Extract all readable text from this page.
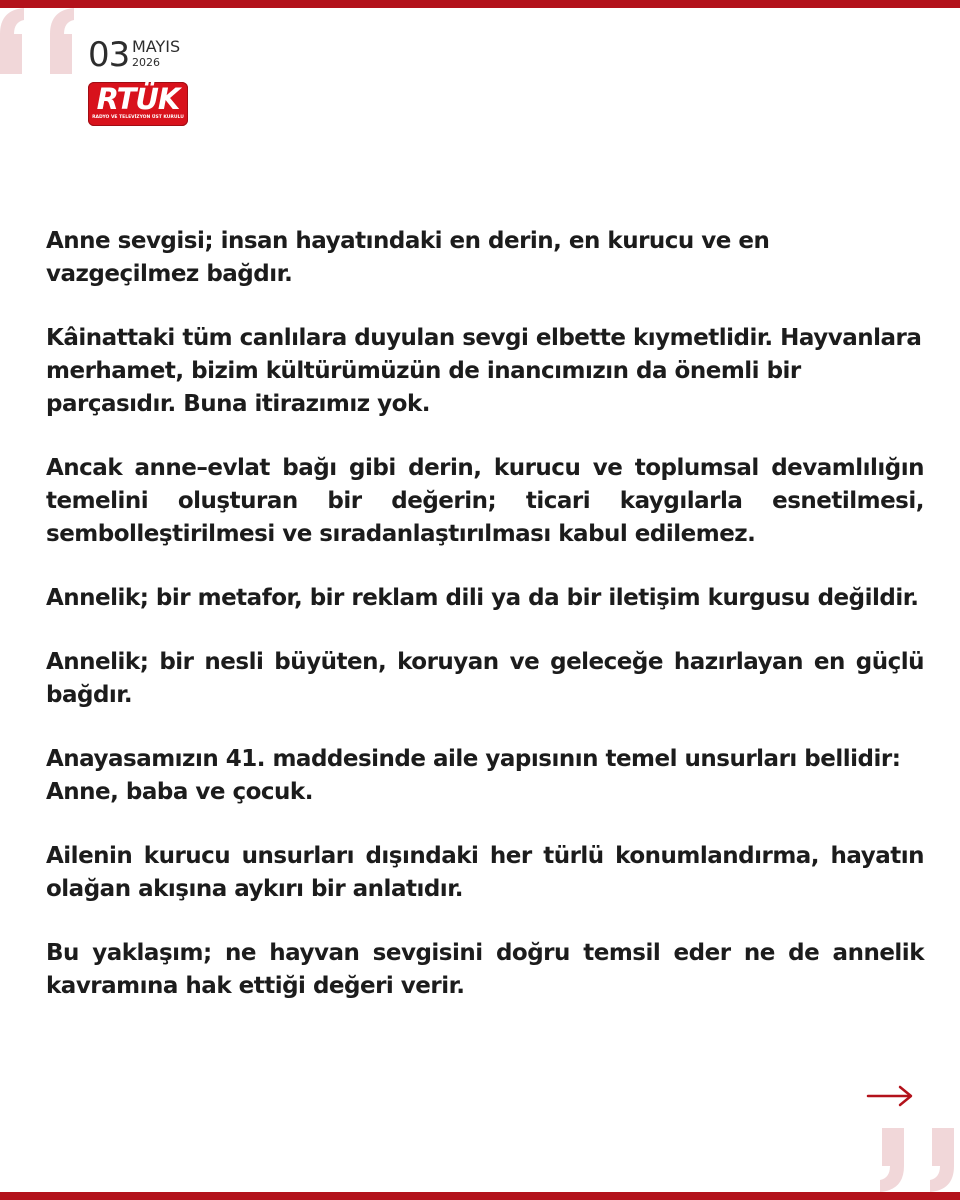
03 MAYIS
2026
RTÜK
RADYO VE TELEVİZYON ÜST KURULU

Anne sevgisi; insan hayatındaki en derin, en kurucu ve en vazgeçilmez bağdır.

Kâinattaki tüm canlılara duyulan sevgi elbette kıymetlidir. Hayvanlara merhamet, bizim kültürümüzün de inancımızın da önemli bir parçasıdır. Buna itirazımız yok.

Ancak anne–evlat bağı gibi derin, kurucu ve toplumsal devamlılığın temelini oluşturan bir değerin; ticari kaygılarla esnetilmesi, sembolleştirilmesi ve sıradanlaştırılması kabul edilemez.

Annelik; bir metafor, bir reklam dili ya da bir iletişim kurgusu değildir.

Annelik; bir nesli büyüten, koruyan ve geleceğe hazırlayan en güçlü bağdır.

Anayasamızın 41. maddesinde aile yapısının temel unsurları bellidir: Anne, baba ve çocuk.

Ailenin kurucu unsurları dışındaki her türlü konumlandırma, hayatın olağan akışına aykırı bir anlatıdır.

Bu yaklaşım; ne hayvan sevgisini doğru temsil eder ne de annelik kavramına hak ettiği değeri verir.
